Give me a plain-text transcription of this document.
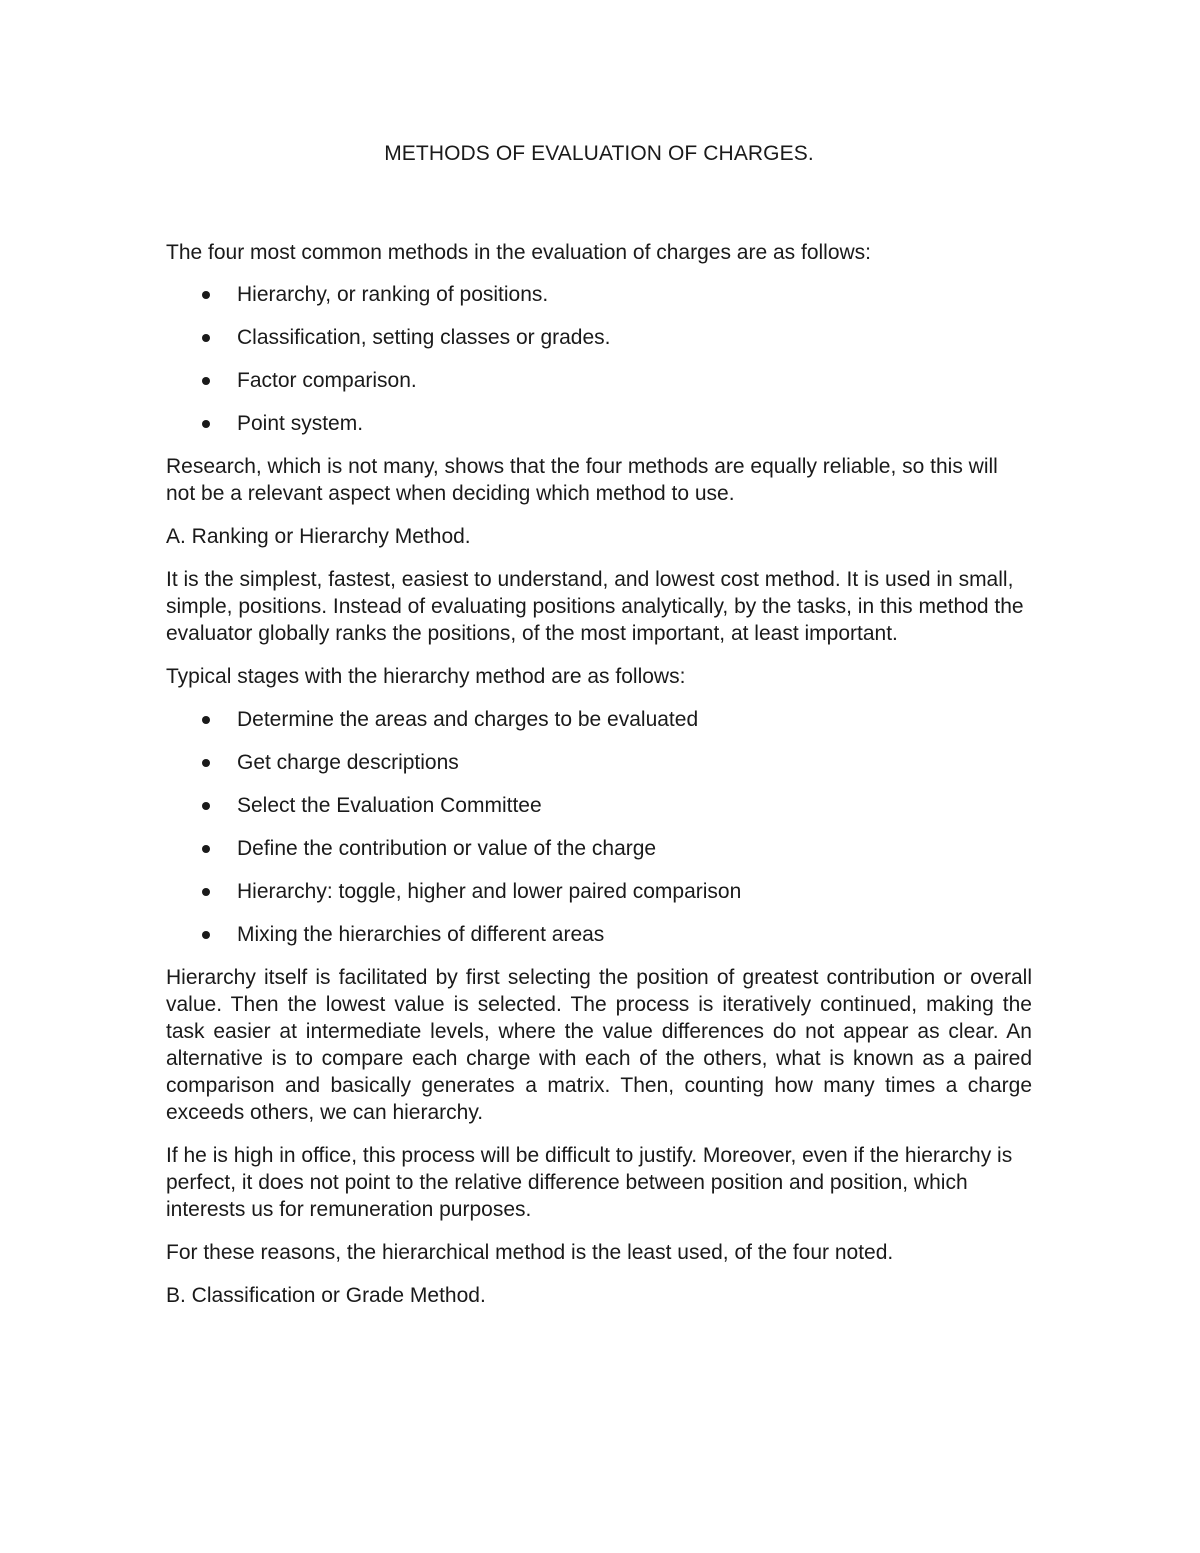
METHODS OF EVALUATION OF CHARGES.

The four most common methods in the evaluation of charges are as follows:

Hierarchy, or ranking of positions.
Classification, setting classes or grades.
Factor comparison.
Point system.

Research, which is not many, shows that the four methods are equally reliable, so this will not be a relevant aspect when deciding which method to use.

A. Ranking or Hierarchy Method.

It is the simplest, fastest, easiest to understand, and lowest cost method. It is used in small, simple, positions. Instead of evaluating positions analytically, by the tasks, in this method the evaluator globally ranks the positions, of the most important, at least important.

Typical stages with the hierarchy method are as follows:

Determine the areas and charges to be evaluated
Get charge descriptions
Select the Evaluation Committee
Define the contribution or value of the charge
Hierarchy: toggle, higher and lower paired comparison
Mixing the hierarchies of different areas

Hierarchy itself is facilitated by first selecting the position of greatest contribution or overall value. Then the lowest value is selected. The process is iteratively continued, making the task easier at intermediate levels, where the value differences do not appear as clear. An alternative is to compare each charge with each of the others, what is known as a paired comparison and basically generates a matrix. Then, counting how many times a charge exceeds others, we can hierarchy.

If he is high in office, this process will be difficult to justify. Moreover, even if the hierarchy is perfect, it does not point to the relative difference between position and position, which interests us for remuneration purposes.

For these reasons, the hierarchical method is the least used, of the four noted.

B. Classification or Grade Method.
